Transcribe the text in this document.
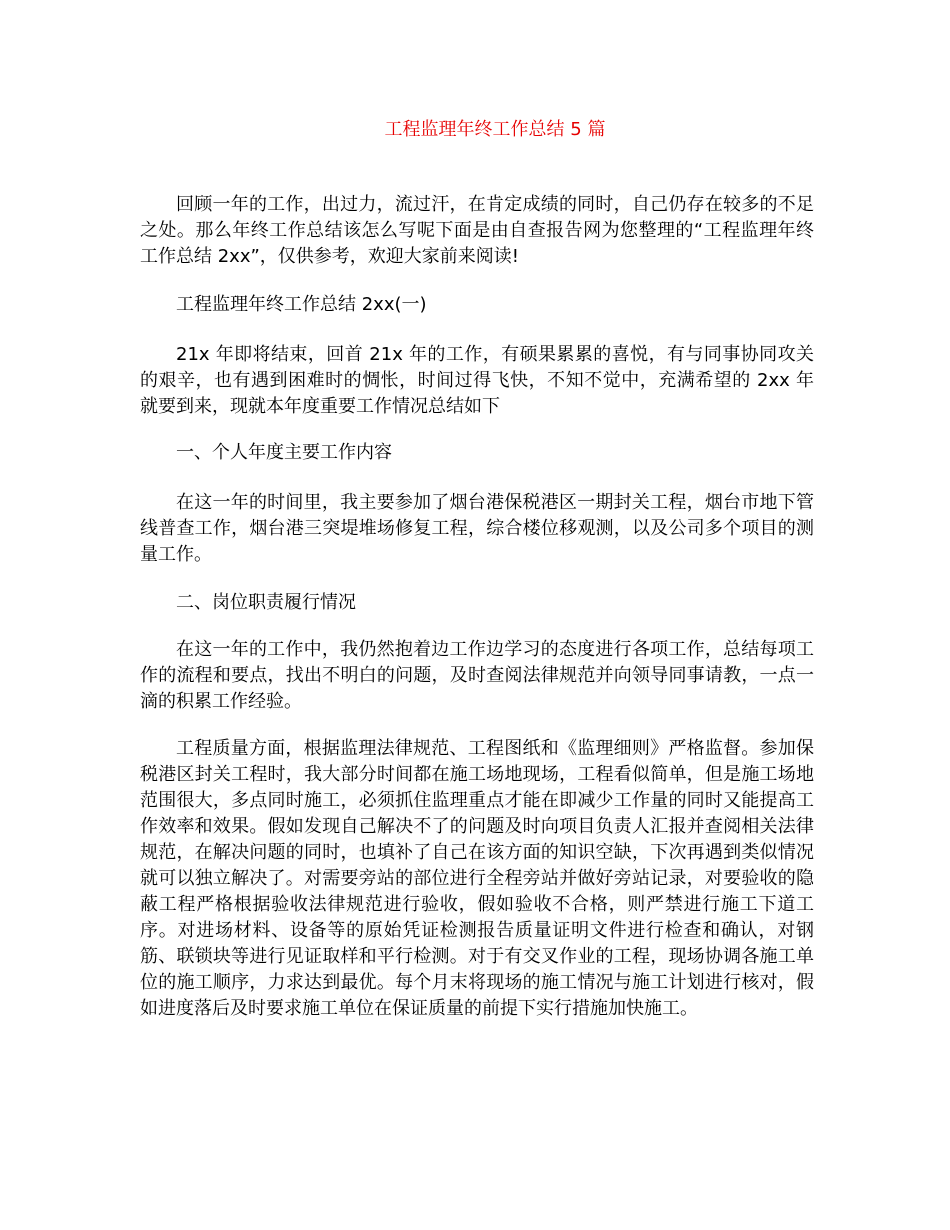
工程监理年终工作总结 5 篇

回顾一年的工作，出过力，流过汗，在肯定成绩的同时，自己仍存在较多的不足之处。那么年终工作总结该怎么写呢下面是由自查报告网为您整理的“工程监理年终工作总结 2xx”，仅供参考，欢迎大家前来阅读!

工程监理年终工作总结 2xx(一)

21x 年即将结束，回首 21x 年的工作，有硕果累累的喜悦，有与同事协同攻关的艰辛，也有遇到困难时的惆怅，时间过得飞快，不知不觉中，充满希望的 2xx 年就要到来，现就本年度重要工作情况总结如下

一、个人年度主要工作内容

在这一年的时间里，我主要参加了烟台港保税港区一期封关工程，烟台市地下管线普查工作，烟台港三突堤堆场修复工程，综合楼位移观测，以及公司多个项目的测量工作。

二、岗位职责履行情况

在这一年的工作中，我仍然抱着边工作边学习的态度进行各项工作，总结每项工作的流程和要点，找出不明白的问题，及时查阅法律规范并向领导同事请教，一点一滴的积累工作经验。

工程质量方面，根据监理法律规范、工程图纸和《监理细则》严格监督。参加保税港区封关工程时，我大部分时间都在施工场地现场，工程看似简单，但是施工场地范围很大，多点同时施工，必须抓住监理重点才能在即减少工作量的同时又能提高工作效率和效果。假如发现自己解决不了的问题及时向项目负责人汇报并查阅相关法律规范，在解决问题的同时，也填补了自己在该方面的知识空缺，下次再遇到类似情况就可以独立解决了。对需要旁站的部位进行全程旁站并做好旁站记录，对要验收的隐蔽工程严格根据验收法律规范进行验收，假如验收不合格，则严禁进行施工下道工序。对进场材料、设备等的原始凭证检测报告质量证明文件进行检查和确认，对钢筋、联锁块等进行见证取样和平行检测。对于有交叉作业的工程，现场协调各施工单位的施工顺序，力求达到最优。每个月末将现场的施工情况与施工计划进行核对，假如进度落后及时要求施工单位在保证质量的前提下实行措施加快施工。
